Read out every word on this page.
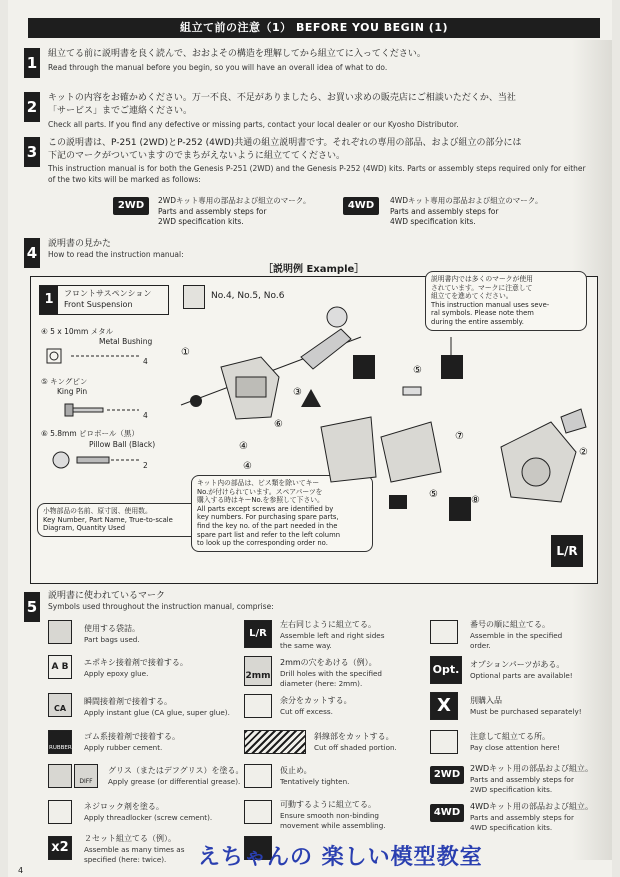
組立て前の注意（1） BEFORE YOU BEGIN (1)
1	組立てる前に説明書を良く読んで、おおよその構造を理解してから組立てに入ってください。
Read through the manual before you begin, so you will have an overall idea of what to do.
2	キットの内容をお確かめください。万一不良、不足がありましたら、お買い求めの販売店にご相談いただくか、当社
「サービス」までご連絡ください。
Check all parts. If you find any defective or missing parts, contact your local dealer or our Kyosho Distributor.
3	この説明書は、P-251 (2WD)とP-252 (4WD)共通の組立説明書です。それぞれの専用の部品、および組立の部分には
下記のマークがついていますのでまちがえないように組立ててください。
This instruction manual is for both the Genesis P-251 (2WD) and the Genesis P-252 (4WD) kits. Parts or assembly steps required only for either
of the two kits will be marked as follows:
2WD	2WDキット専用の部品および組立のマーク。
Parts and assembly steps for
2WD specification kits.
4WD	4WDキット専用の部品および組立のマーク。
Parts and assembly steps for
4WD specification kits.
4	説明書の見かた
How to read the instruction manual:
［説明例 Example］
1	フロントサスペンション
Front Suspension
No.4, No.5, No.6
④ 5 x 10mm メタル
Metal Bushing
4
⑤ キングピン
King Pin
4
⑥ 5.8mm ピロボール（黒）
Pillow Ball (Black)
2
小物部品の名前、原寸図、使用数。
Key Number, Part Name, True-to-scale
Diagram, Quantity Used
説明書内では多くのマークが使用
されています。マークに注意して
組立てを進めてください。
This instruction manual uses seve-
ral symbols. Please note them
during the entire assembly.
キット内の部品は、ビス類を除いてキー
No.が付けられています。スペアパーツを
購入する時はキーNo.を参照して下さい。
All parts except screws are identified by
key numbers. For purchasing spare parts,
find the key no. of the part needed in the
spare part list and refer to the left column
to look up the corresponding order no.
①
②
③
④
⑤
⑥
⑦
⑧
⑤
④
L/R
5
説明書に使われているマーク
Symbols used throughout the instruction manual, comprise:
使用する袋詰。
Part bags used.
A B	エポキシ接着剤で接着する。
Apply epoxy glue.
CA
瞬間接着剤で接着する。
Apply instant glue (CA glue, super glue).
RUBBER
ゴム系接着剤で接着する。
Apply rubber cement.
DIFF
グリス（またはデフグリス）を塗る。
Apply grease (or differential grease).
ネジロック剤を塗る。
Apply threadlocker (screw cement).
x2
２セット組立てる（例）。
Assemble as many times as
specified (here: twice).
L/R
左右同じように組立てる。
Assemble left and right sides
the same way.
2mm
2mmの穴をあける（例）。
Drill holes with the specified
diameter (here: 2mm).
余分をカットする。
Cut off excess.
斜線部をカットする。
Cut off shaded portion.
仮止め。
Tentatively tighten.
可動するように組立てる。
Ensure smooth non-binding
movement while assembling.
番号の順に組立てる。
Assemble in the specified
order.
Opt.	オプションパーツがある。
Optional parts are available!
X	別購入品
Must be purchased separately!
注意して組立てる所。
Pay close attention here!
2WD
2WDキット用の部品および組立。
Parts and assembly steps for
2WD specification kits.
4WD
4WDキット用の部品および組立。
Parts and assembly steps for
4WD specification kits.
えちゃんの 楽しい模型教室
4
